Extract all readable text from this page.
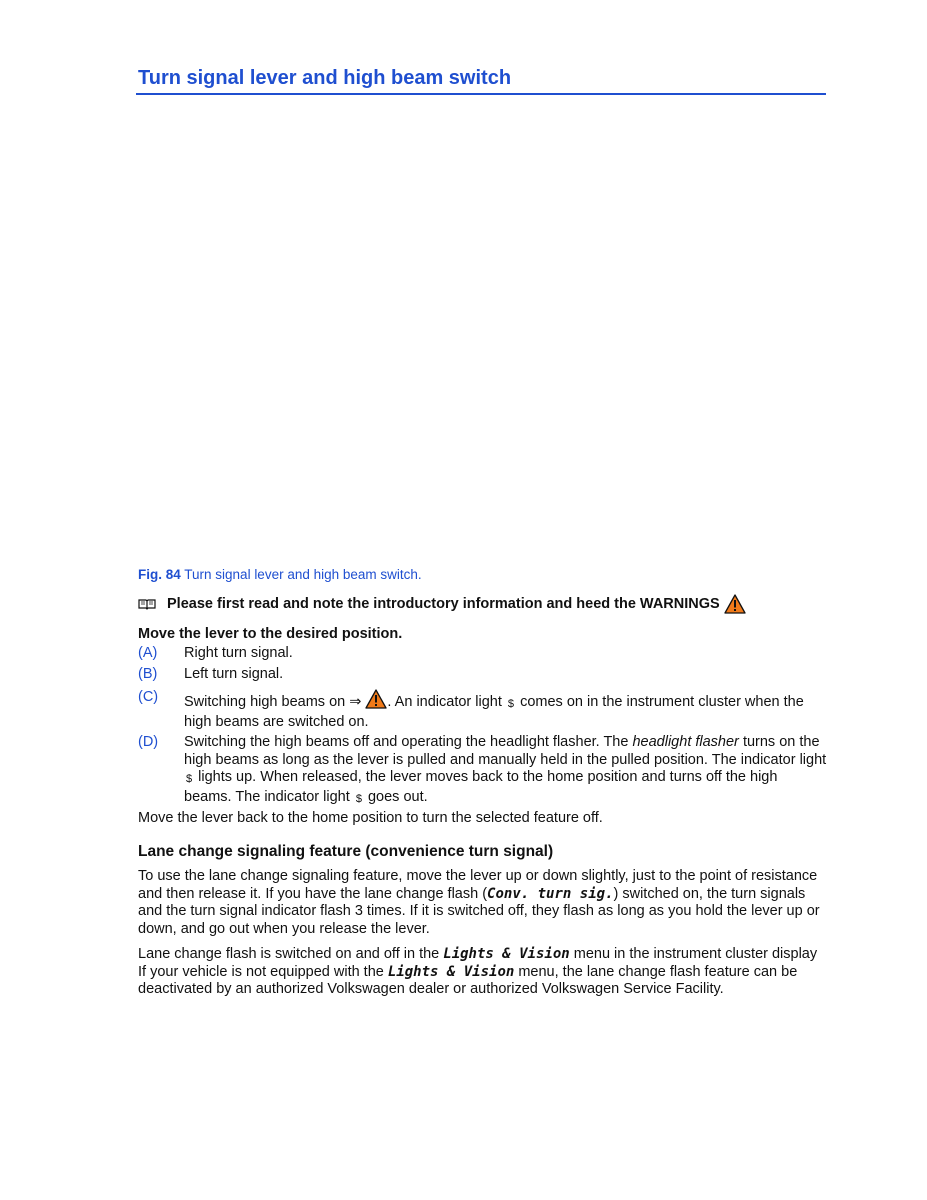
Turn signal lever and high beam switch
Fig. 84 Turn signal lever and high beam switch.
Please first read and note the introductory information and heed the WARNINGS
Move the lever to the desired position.
(A)	Right turn signal.
(B)	Left turn signal.
(C)	Switching high beams on ⇒ . An indicator light $ comes on in the instrument cluster when the high beams are switched on.
(D)	Switching the high beams off and operating the headlight flasher. The headlight flasher turns on the high beams as long as the lever is pulled and manually held in the pulled position. The indicator light $ lights up. When released, the lever moves back to the home position and turns off the high beams. The indicator light $ goes out.
Move the lever back to the home position to turn the selected feature off.
Lane change signaling feature (convenience turn signal)
To use the lane change signaling feature, move the lever up or down slightly, just to the point of resistance and then release it. If you have the lane change flash (Conv. turn sig.) switched on, the turn signals and the turn signal indicator flash 3 times. If it is switched off, they flash as long as you hold the lever up or down, and go out when you release the lever.
Lane change flash is switched on and off in the Lights & Vision menu in the instrument cluster display If your vehicle is not equipped with the Lights & Vision menu, the lane change flash feature can be deactivated by an authorized Volkswagen dealer or authorized Volkswagen Service Facility.
